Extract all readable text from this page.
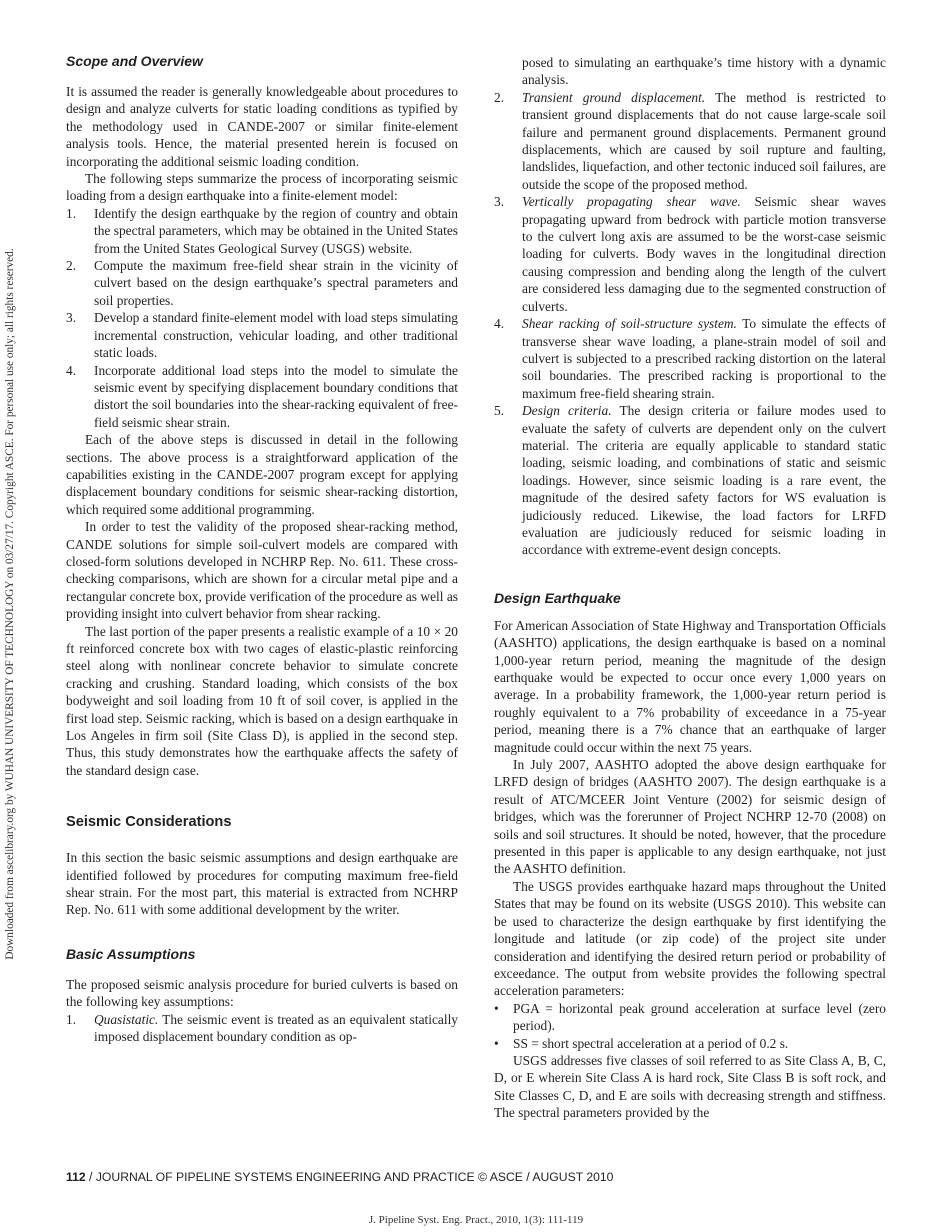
Downloaded from ascelibrary.org by WUHAN UNIVERSITY OF TECHNOLOGY on 03/27/17. Copyright ASCE. For personal use only; all rights reserved.
Scope and Overview

It is assumed the reader is generally knowledgeable about procedures to design and analyze culverts for static loading conditions as typified by the methodology used in CANDE-2007 or similar finite-element analysis tools. Hence, the material presented herein is focused on incorporating the additional seismic loading condition.

The following steps summarize the process of incorporating seismic loading from a design earthquake into a finite-element model:

1. Identify the design earthquake by the region of country and obtain the spectral parameters, which may be obtained in the United States from the United States Geological Survey (USGS) website.
2. Compute the maximum free-field shear strain in the vicinity of culvert based on the design earthquake’s spectral parameters and soil properties.
3. Develop a standard finite-element model with load steps simulating incremental construction, vehicular loading, and other traditional static loads.
4. Incorporate additional load steps into the model to simulate the seismic event by specifying displacement boundary conditions that distort the soil boundaries into the shear-racking equivalent of free-field seismic shear strain.

Each of the above steps is discussed in detail in the following sections. The above process is a straightforward application of the capabilities existing in the CANDE-2007 program except for applying displacement boundary conditions for seismic shear-racking distortion, which required some additional programming.

In order to test the validity of the proposed shear-racking method, CANDE solutions for simple soil-culvert models are compared with closed-form solutions developed in NCHRP Rep. No. 611. These cross-checking comparisons, which are shown for a circular metal pipe and a rectangular concrete box, provide verification of the procedure as well as providing insight into culvert behavior from shear racking.

The last portion of the paper presents a realistic example of a 10 × 20 ft reinforced concrete box with two cages of elastic-plastic reinforcing steel along with nonlinear concrete behavior to simulate concrete cracking and crushing. Standard loading, which consists of the box bodyweight and soil loading from 10 ft of soil cover, is applied in the first load step. Seismic racking, which is based on a design earthquake in Los Angeles in firm soil (Site Class D), is applied in the second step. Thus, this study demonstrates how the earthquake affects the safety of the standard design case.

Seismic Considerations

In this section the basic seismic assumptions and design earthquake are identified followed by procedures for computing maximum free-field shear strain. For the most part, this material is extracted from NCHRP Rep. No. 611 with some additional development by the writer.

Basic Assumptions

The proposed seismic analysis procedure for buried culverts is based on the following key assumptions:

1. Quasistatic. The seismic event is treated as an equivalent statically imposed displacement boundary condition as op-
posed to simulating an earthquake’s time history with a dynamic analysis.
2. Transient ground displacement. The method is restricted to transient ground displacements that do not cause large-scale soil failure and permanent ground displacements. Permanent ground displacements, which are caused by soil rupture and faulting, landslides, liquefaction, and other tectonic induced soil failures, are outside the scope of the proposed method.
3. Vertically propagating shear wave. Seismic shear waves propagating upward from bedrock with particle motion transverse to the culvert long axis are assumed to be the worst-case seismic loading for culverts. Body waves in the longitudinal direction causing compression and bending along the length of the culvert are considered less damaging due to the segmented construction of culverts.
4. Shear racking of soil-structure system. To simulate the effects of transverse shear wave loading, a plane-strain model of soil and culvert is subjected to a prescribed racking distortion on the lateral soil boundaries. The prescribed racking is proportional to the maximum free-field shearing strain.
5. Design criteria. The design criteria or failure modes used to evaluate the safety of culverts are dependent only on the culvert material. The criteria are equally applicable to standard static loading, seismic loading, and combinations of static and seismic loadings. However, since seismic loading is a rare event, the magnitude of the desired safety factors for WS evaluation is judiciously reduced. Likewise, the load factors for LRFD evaluation are judiciously reduced for seismic loading in accordance with extreme-event design concepts.
Design Earthquake

For American Association of State Highway and Transportation Officials (AASHTO) applications, the design earthquake is based on a nominal 1,000-year return period, meaning the magnitude of the design earthquake would be expected to occur once every 1,000 years on average. In a probability framework, the 1,000-year return period is roughly equivalent to a 7% probability of exceedance in a 75-year period, meaning there is a 7% chance that an earthquake of larger magnitude could occur within the next 75 years.

In July 2007, AASHTO adopted the above design earthquake for LRFD design of bridges (AASHTO 2007). The design earthquake is a result of ATC/MCEER Joint Venture (2002) for seismic design of bridges, which was the forerunner of Project NCHRP 12-70 (2008) on soils and soil structures. It should be noted, however, that the procedure presented in this paper is applicable to any design earthquake, not just the AASHTO definition.

The USGS provides earthquake hazard maps throughout the United States that may be found on its website (USGS 2010). This website can be used to characterize the design earthquake by first identifying the longitude and latitude (or zip code) of the project site under consideration and identifying the desired return period or probability of exceedance. The output from website provides the following spectral acceleration parameters:

• PGA = horizontal peak ground acceleration at surface level (zero period).
• SS = short spectral acceleration at a period of 0.2 s.

USGS addresses five classes of soil referred to as Site Class A, B, C, D, or E wherein Site Class A is hard rock, Site Class B is soft rock, and Site Classes C, D, and E are soils with decreasing strength and stiffness. The spectral parameters provided by the

112 / JOURNAL OF PIPELINE SYSTEMS ENGINEERING AND PRACTICE © ASCE / AUGUST 2010
J. Pipeline Syst. Eng. Pract., 2010, 1(3): 111-119
